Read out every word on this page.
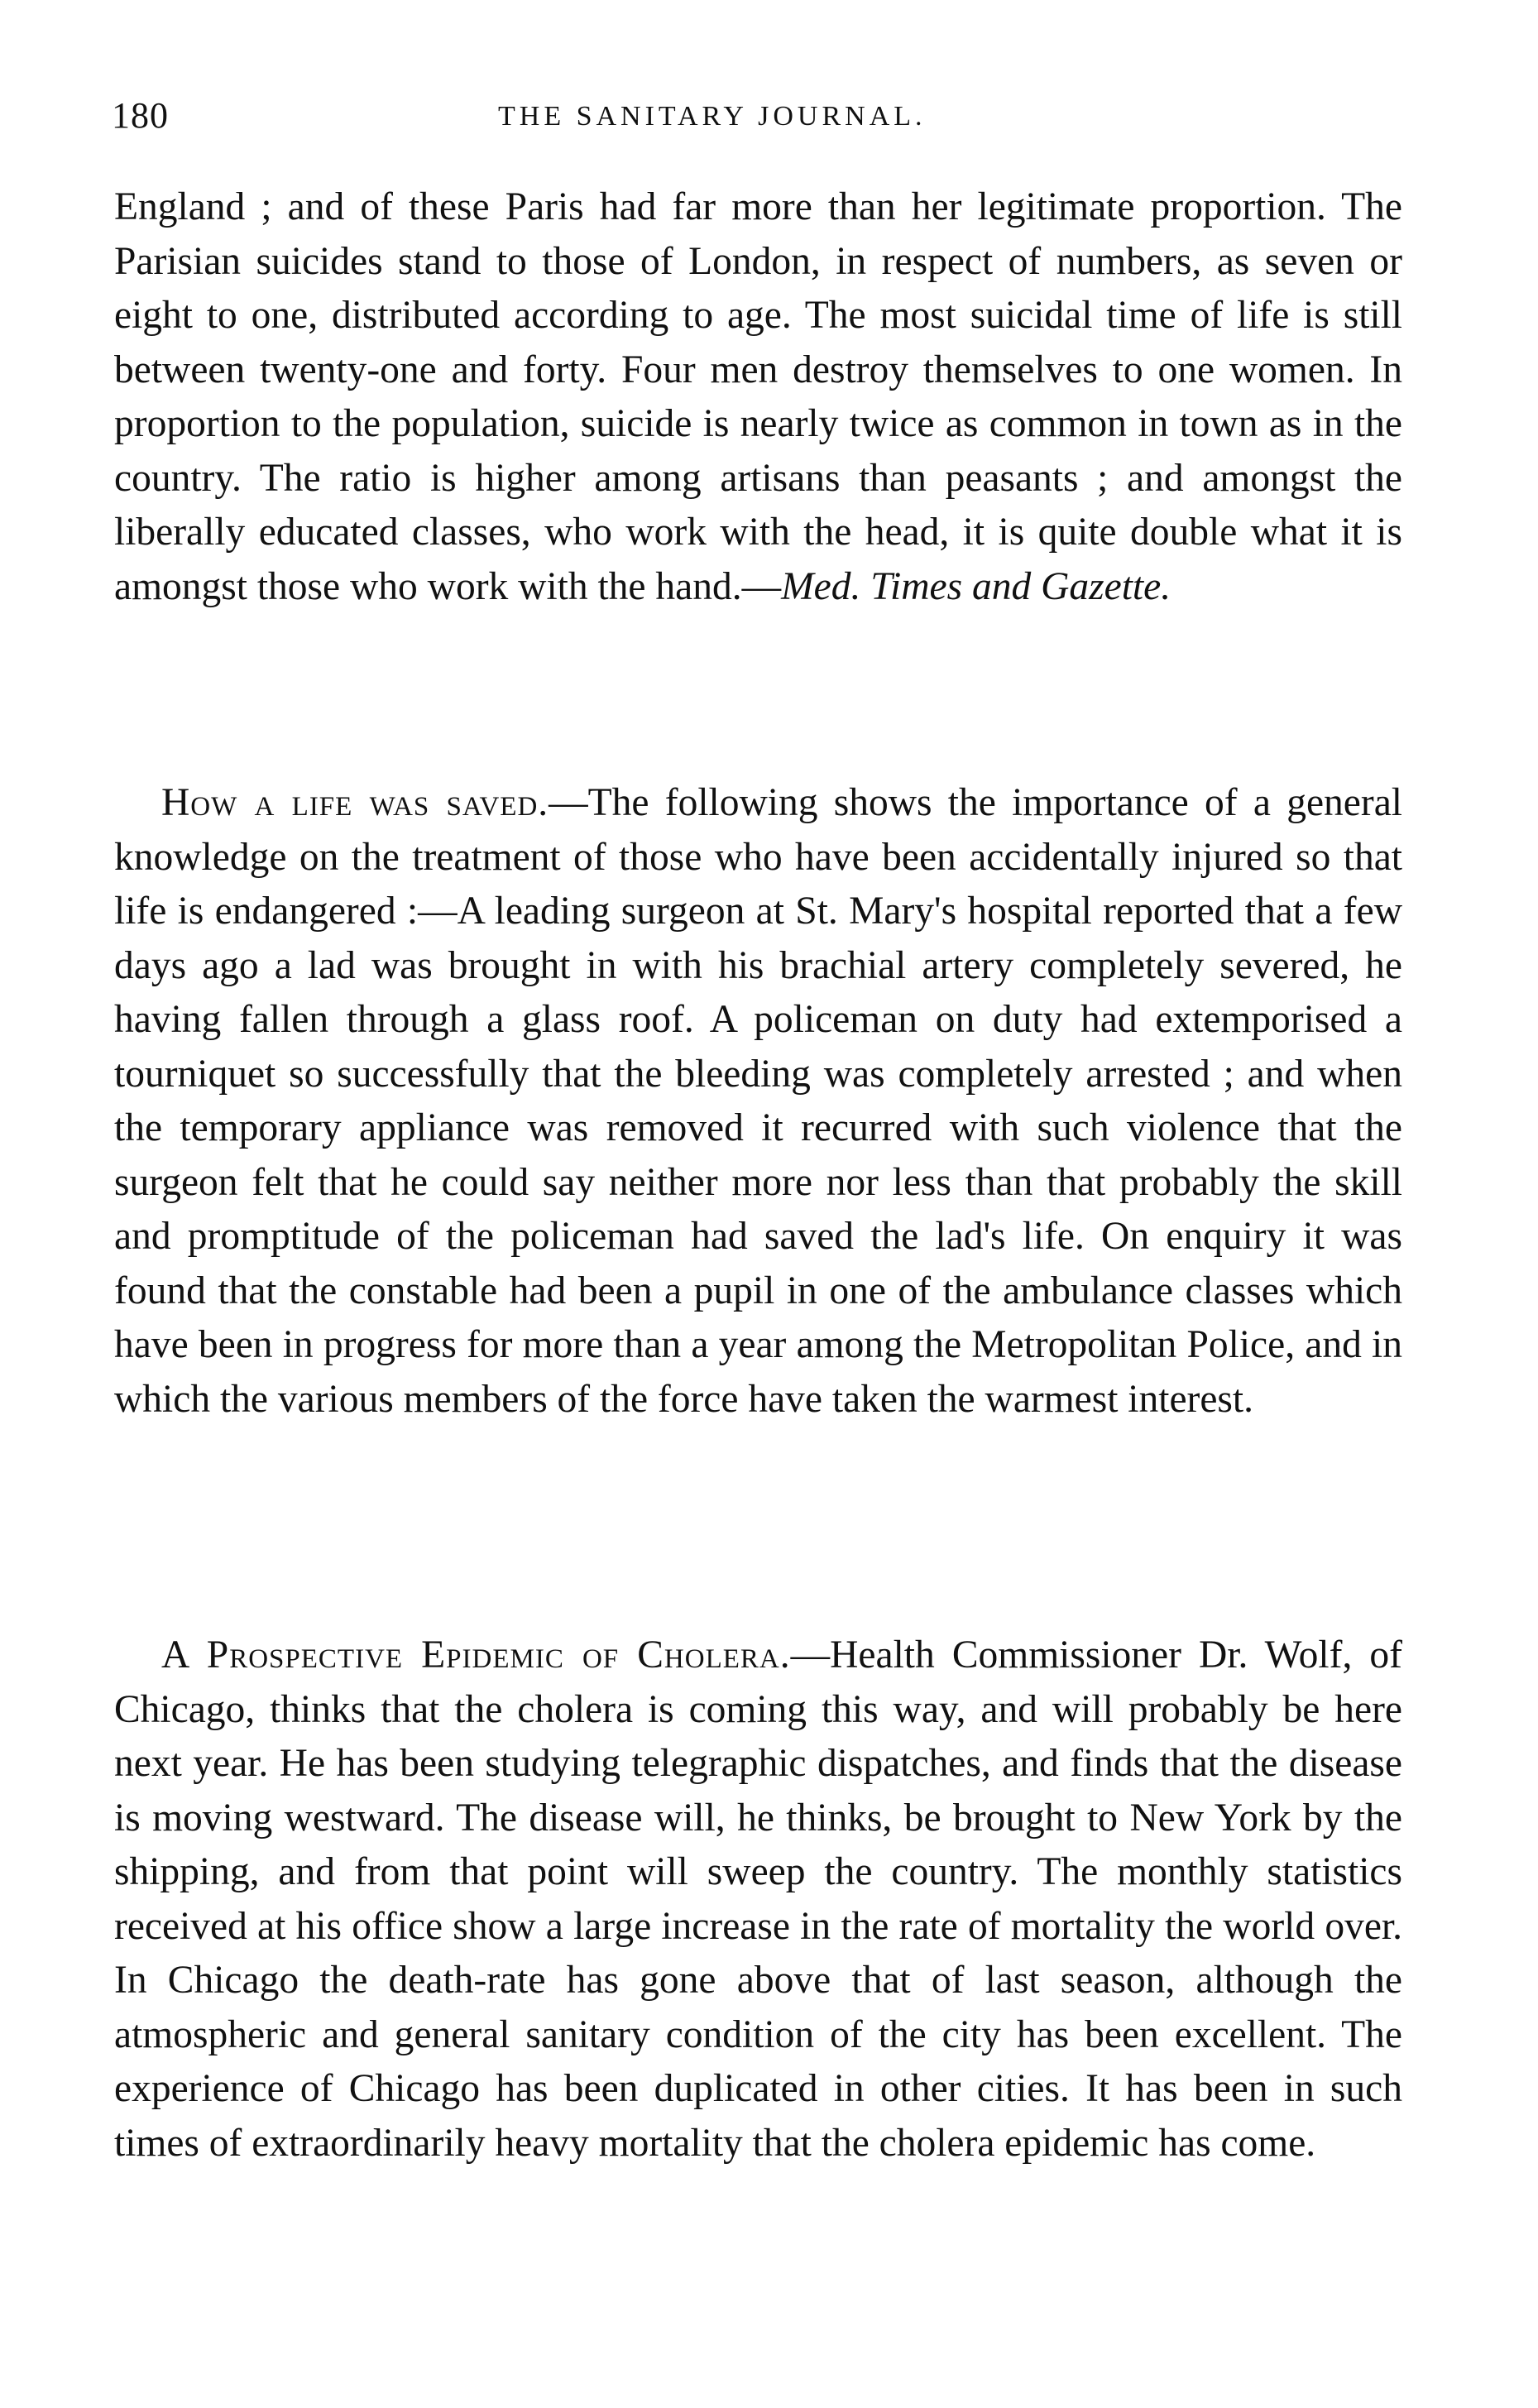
180	THE SANITARY JOURNAL.

England ; and of these Paris had far more than her legitimate proportion. The Parisian suicides stand to those of London, in respect of numbers, as seven or eight to one, distributed according to age. The most suicidal time of life is still between twenty-one and forty. Four men destroy themselves to one women. In proportion to the population, suicide is nearly twice as common in town as in the country. The ratio is higher among artisans than peasants ; and amongst the liberally educated classes, who work with the head, it is quite double what it is amongst those who work with the hand.—Med. Times and Gazette.

How a life was saved.—The following shows the importance of a general knowledge on the treatment of those who have been accidentally injured so that life is endangered :—A leading surgeon at St. Mary's hospital reported that a few days ago a lad was brought in with his brachial artery completely severed, he having fallen through a glass roof. A policeman on duty had extemporised a tourniquet so successfully that the bleeding was completely arrested ; and when the temporary appliance was removed it recurred with such violence that the surgeon felt that he could say neither more nor less than that probably the skill and promptitude of the policeman had saved the lad's life. On enquiry it was found that the constable had been a pupil in one of the ambulance classes which have been in progress for more than a year among the Metropolitan Police, and in which the various members of the force have taken the warmest interest.

A Prospective Epidemic of Cholera.—Health Commissioner Dr. Wolf, of Chicago, thinks that the cholera is coming this way, and will probably be here next year. He has been studying telegraphic dispatches, and finds that the disease is moving westward. The disease will, he thinks, be brought to New York by the shipping, and from that point will sweep the country. The monthly statistics received at his office show a large increase in the rate of mortality the world over. In Chicago the death-rate has gone above that of last season, although the atmospheric and general sanitary condition of the city has been excellent. The experience of Chicago has been duplicated in other cities. It has been in such times of extraordinarily heavy mortality that the cholera epidemic has come.
